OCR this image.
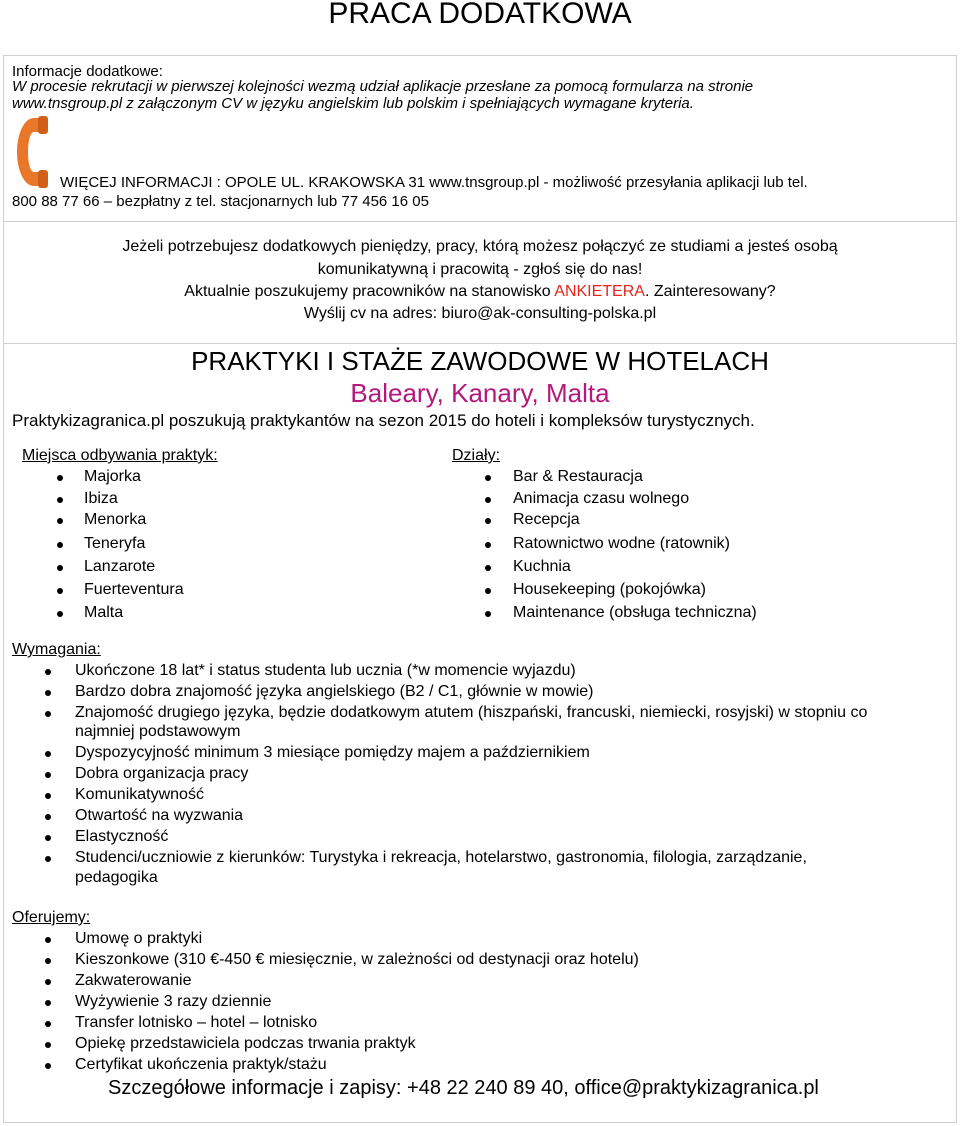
PRACA DODATKOWA
Informacje dodatkowe:
W procesie rekrutacji w pierwszej kolejności wezmą udział aplikacje przesłane za pomocą formularza na stronie
www.tnsgroup.pl z załączonym CV w języku angielskim lub polskim i spełniających wymagane kryteria.
WIĘCEJ INFORMACJI : OPOLE UL. KRAKOWSKA 31 www.tnsgroup.pl - możliwość przesyłania aplikacji lub tel.
800 88 77 66 – bezpłatny z tel. stacjonarnych lub 77 456 16 05
Jeżeli potrzebujesz dodatkowych pieniędzy, pracy, którą możesz połączyć ze studiami a jesteś osobą
komunikatywną i pracowitą - zgłoś się do nas!
Aktualnie poszukujemy pracowników na stanowisko ANKIETERA. Zainteresowany?
Wyślij cv na adres: biuro@ak-consulting-polska.pl
PRAKTYKI I STAŻE ZAWODOWE W HOTELACH
Baleary, Kanary, Malta
Praktykizagranica.pl poszukują praktykantów na sezon 2015 do hoteli i kompleksów turystycznych.
Miejsca odbywania praktyk:	Działy:
Majorka
Ibiza
Menorka
Teneryfa
Lanzarote
Fuerteventura
Malta
Bar & Restauracja
Animacja czasu wolnego
Recepcja
Ratownictwo wodne (ratownik)
Kuchnia
Housekeeping (pokojówka)
Maintenance (obsługa techniczna)
Wymagania:
Ukończone 18 lat* i status studenta lub ucznia (*w momencie wyjazdu)
Bardzo dobra znajomość języka angielskiego (B2 / C1, głównie w mowie)
Znajomość drugiego języka, będzie dodatkowym atutem (hiszpański, francuski, niemiecki, rosyjski) w stopniu co
najmniej podstawowym
Dyspozycyjność minimum 3 miesiące pomiędzy majem a październikiem
Dobra organizacja pracy
Komunikatywność
Otwartość na wyzwania
Elastyczność
Studenci/uczniowie z kierunków: Turystyka i rekreacja, hotelarstwo, gastronomia, filologia, zarządzanie,
pedagogika
Oferujemy:
Umowę o praktyki
Kieszonkowe (310 €-450 € miesięcznie, w zależności od destynacji oraz hotelu)
Zakwaterowanie
Wyżywienie 3 razy dziennie
Transfer lotnisko – hotel – lotnisko
Opiekę przedstawiciela podczas trwania praktyk
Certyfikat ukończenia praktyk/stażu
Szczegółowe informacje i zapisy: +48 22 240 89 40, office@praktykizagranica.pl
